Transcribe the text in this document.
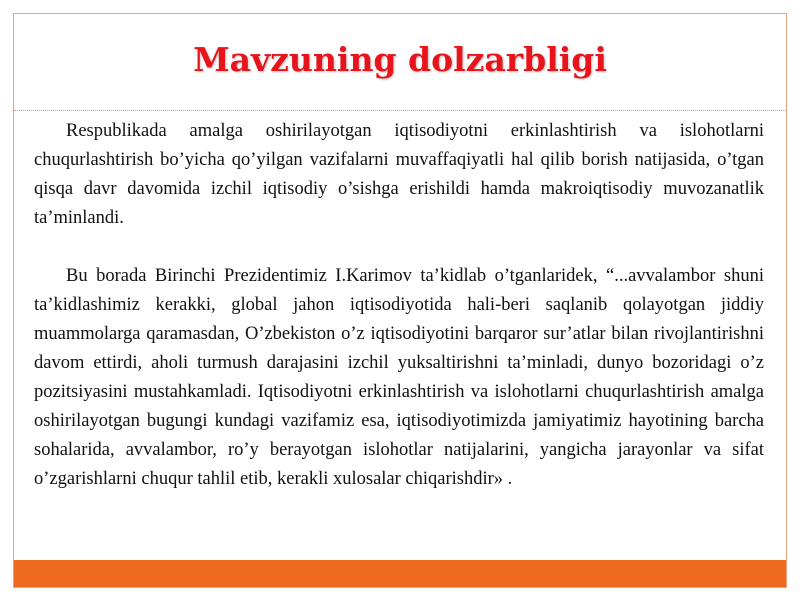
Mavzuning dolzarbligi

Respublikada amalga oshirilayotgan iqtisodiyotni erkinlashtirish va islohotlarni chuqurlashtirish bo’yicha qo’yilgan vazifalarni muvaffaqiyatli hal qilib borish natijasida, o’tgan qisqa davr davomida izchil iqtisodiy o’sishga erishildi hamda makroiqtisodiy muvozanatlik ta’minlandi.

Bu borada Birinchi Prezidentimiz I.Karimov ta’kidlab o’tganlaridek, “...avvalambor shuni ta’kidlashimiz kerakki, global jahon iqtisodiyotida hali-beri saqlanib qolayotgan jiddiy muammolarga qaramasdan, O’zbekiston o’z iqtisodiyotini barqaror sur’atlar bilan rivojlantirishni davom ettirdi, aholi turmush darajasini izchil yuksaltirishni ta’minladi, dunyo bozoridagi o’z pozitsiyasini mustahkamladi. Iqtisodiyotni erkinlashtirish va islohotlarni chuqurlashtirish amalga oshirilayotgan bugungi kundagi vazifamiz esa, iqtisodiyotimizda jamiyatimiz hayotining barcha sohalarida, avvalambor, ro’y berayotgan islohotlar natijalarini, yangicha jarayonlar va sifat o’zgarishlarni chuqur tahlil etib, kerakli xulosalar chiqarishdir» .
